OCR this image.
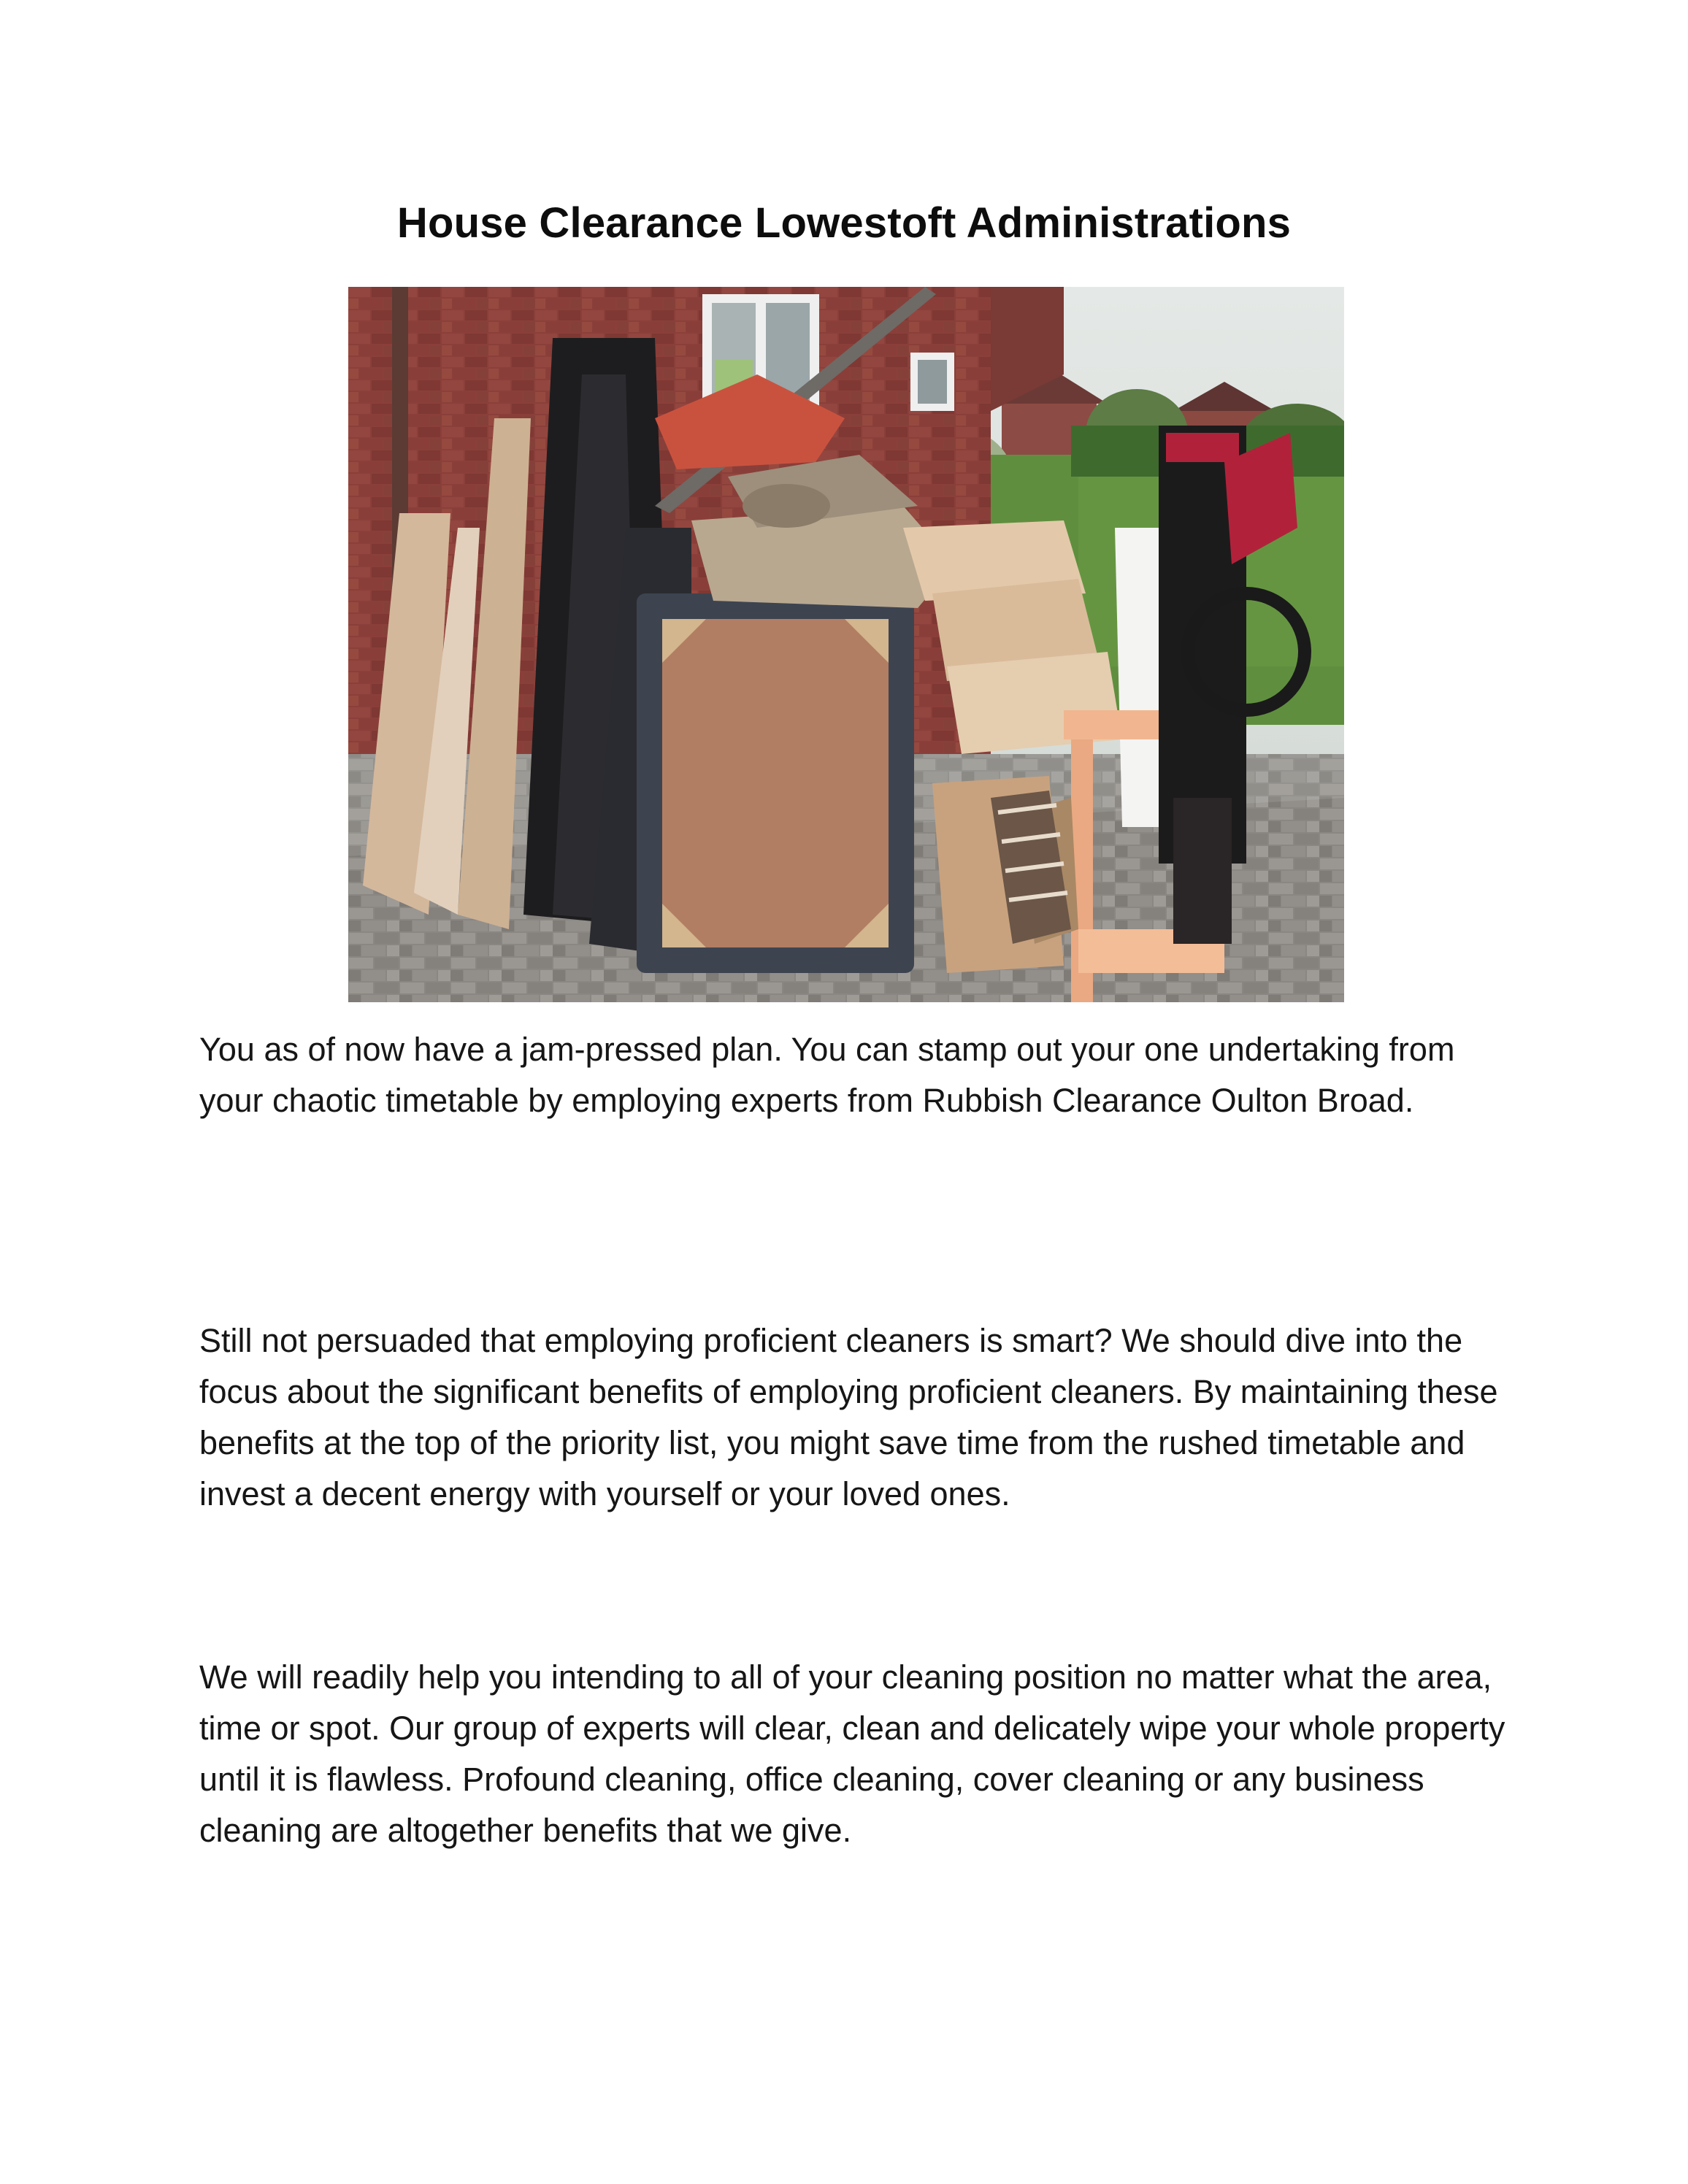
House Clearance Lowestoft Administrations

You as of now have a jam-pressed plan. You can stamp out your one undertaking from your chaotic timetable by employing experts from Rubbish Clearance Oulton Broad.

Still not persuaded that employing proficient cleaners is smart? We should dive into the focus about the significant benefits of employing proficient cleaners. By maintaining these benefits at the top of the priority list, you might save time from the rushed timetable and invest a decent energy with yourself or your loved ones.

We will readily help you intending to all of your cleaning position no matter what the area, time or spot. Our group of experts will clear, clean and delicately wipe your whole property until it is flawless. Profound cleaning, office cleaning, cover cleaning or any business cleaning are altogether benefits that we give.
